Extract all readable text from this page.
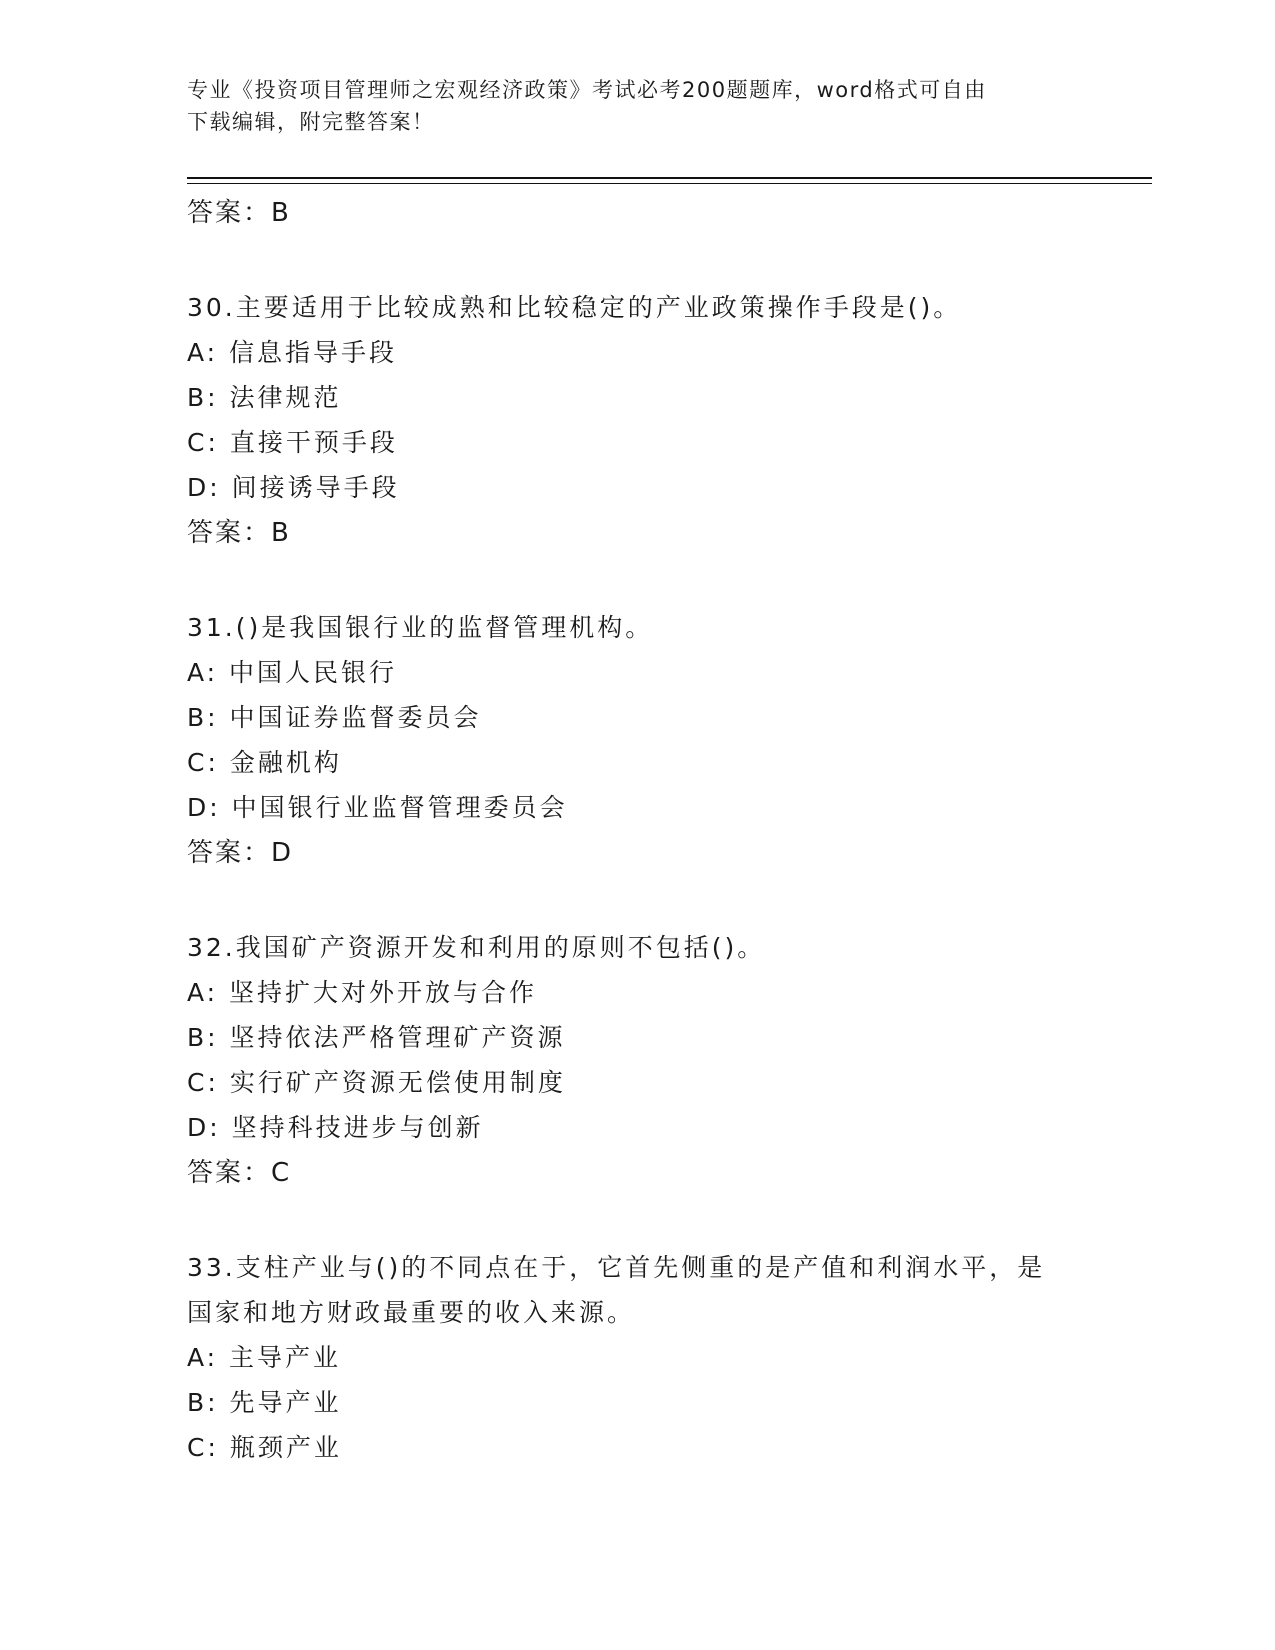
专业《投资项目管理师之宏观经济政策》考试必考200题题库，word格式可自由
下载编辑，附完整答案！
答案：B
30.主要适用于比较成熟和比较稳定的产业政策操作手段是()。
A: 信息指导手段
B: 法律规范
C: 直接干预手段
D: 间接诱导手段
答案：B
31.()是我国银行业的监督管理机构。
A: 中国人民银行
B: 中国证券监督委员会
C: 金融机构
D: 中国银行业监督管理委员会
答案：D
32.我国矿产资源开发和利用的原则不包括()。
A: 坚持扩大对外开放与合作
B: 坚持依法严格管理矿产资源
C: 实行矿产资源无偿使用制度
D: 坚持科技进步与创新
答案：C
33.支柱产业与()的不同点在于，它首先侧重的是产值和利润水平，是
国家和地方财政最重要的收入来源。
A: 主导产业
B: 先导产业
C: 瓶颈产业
